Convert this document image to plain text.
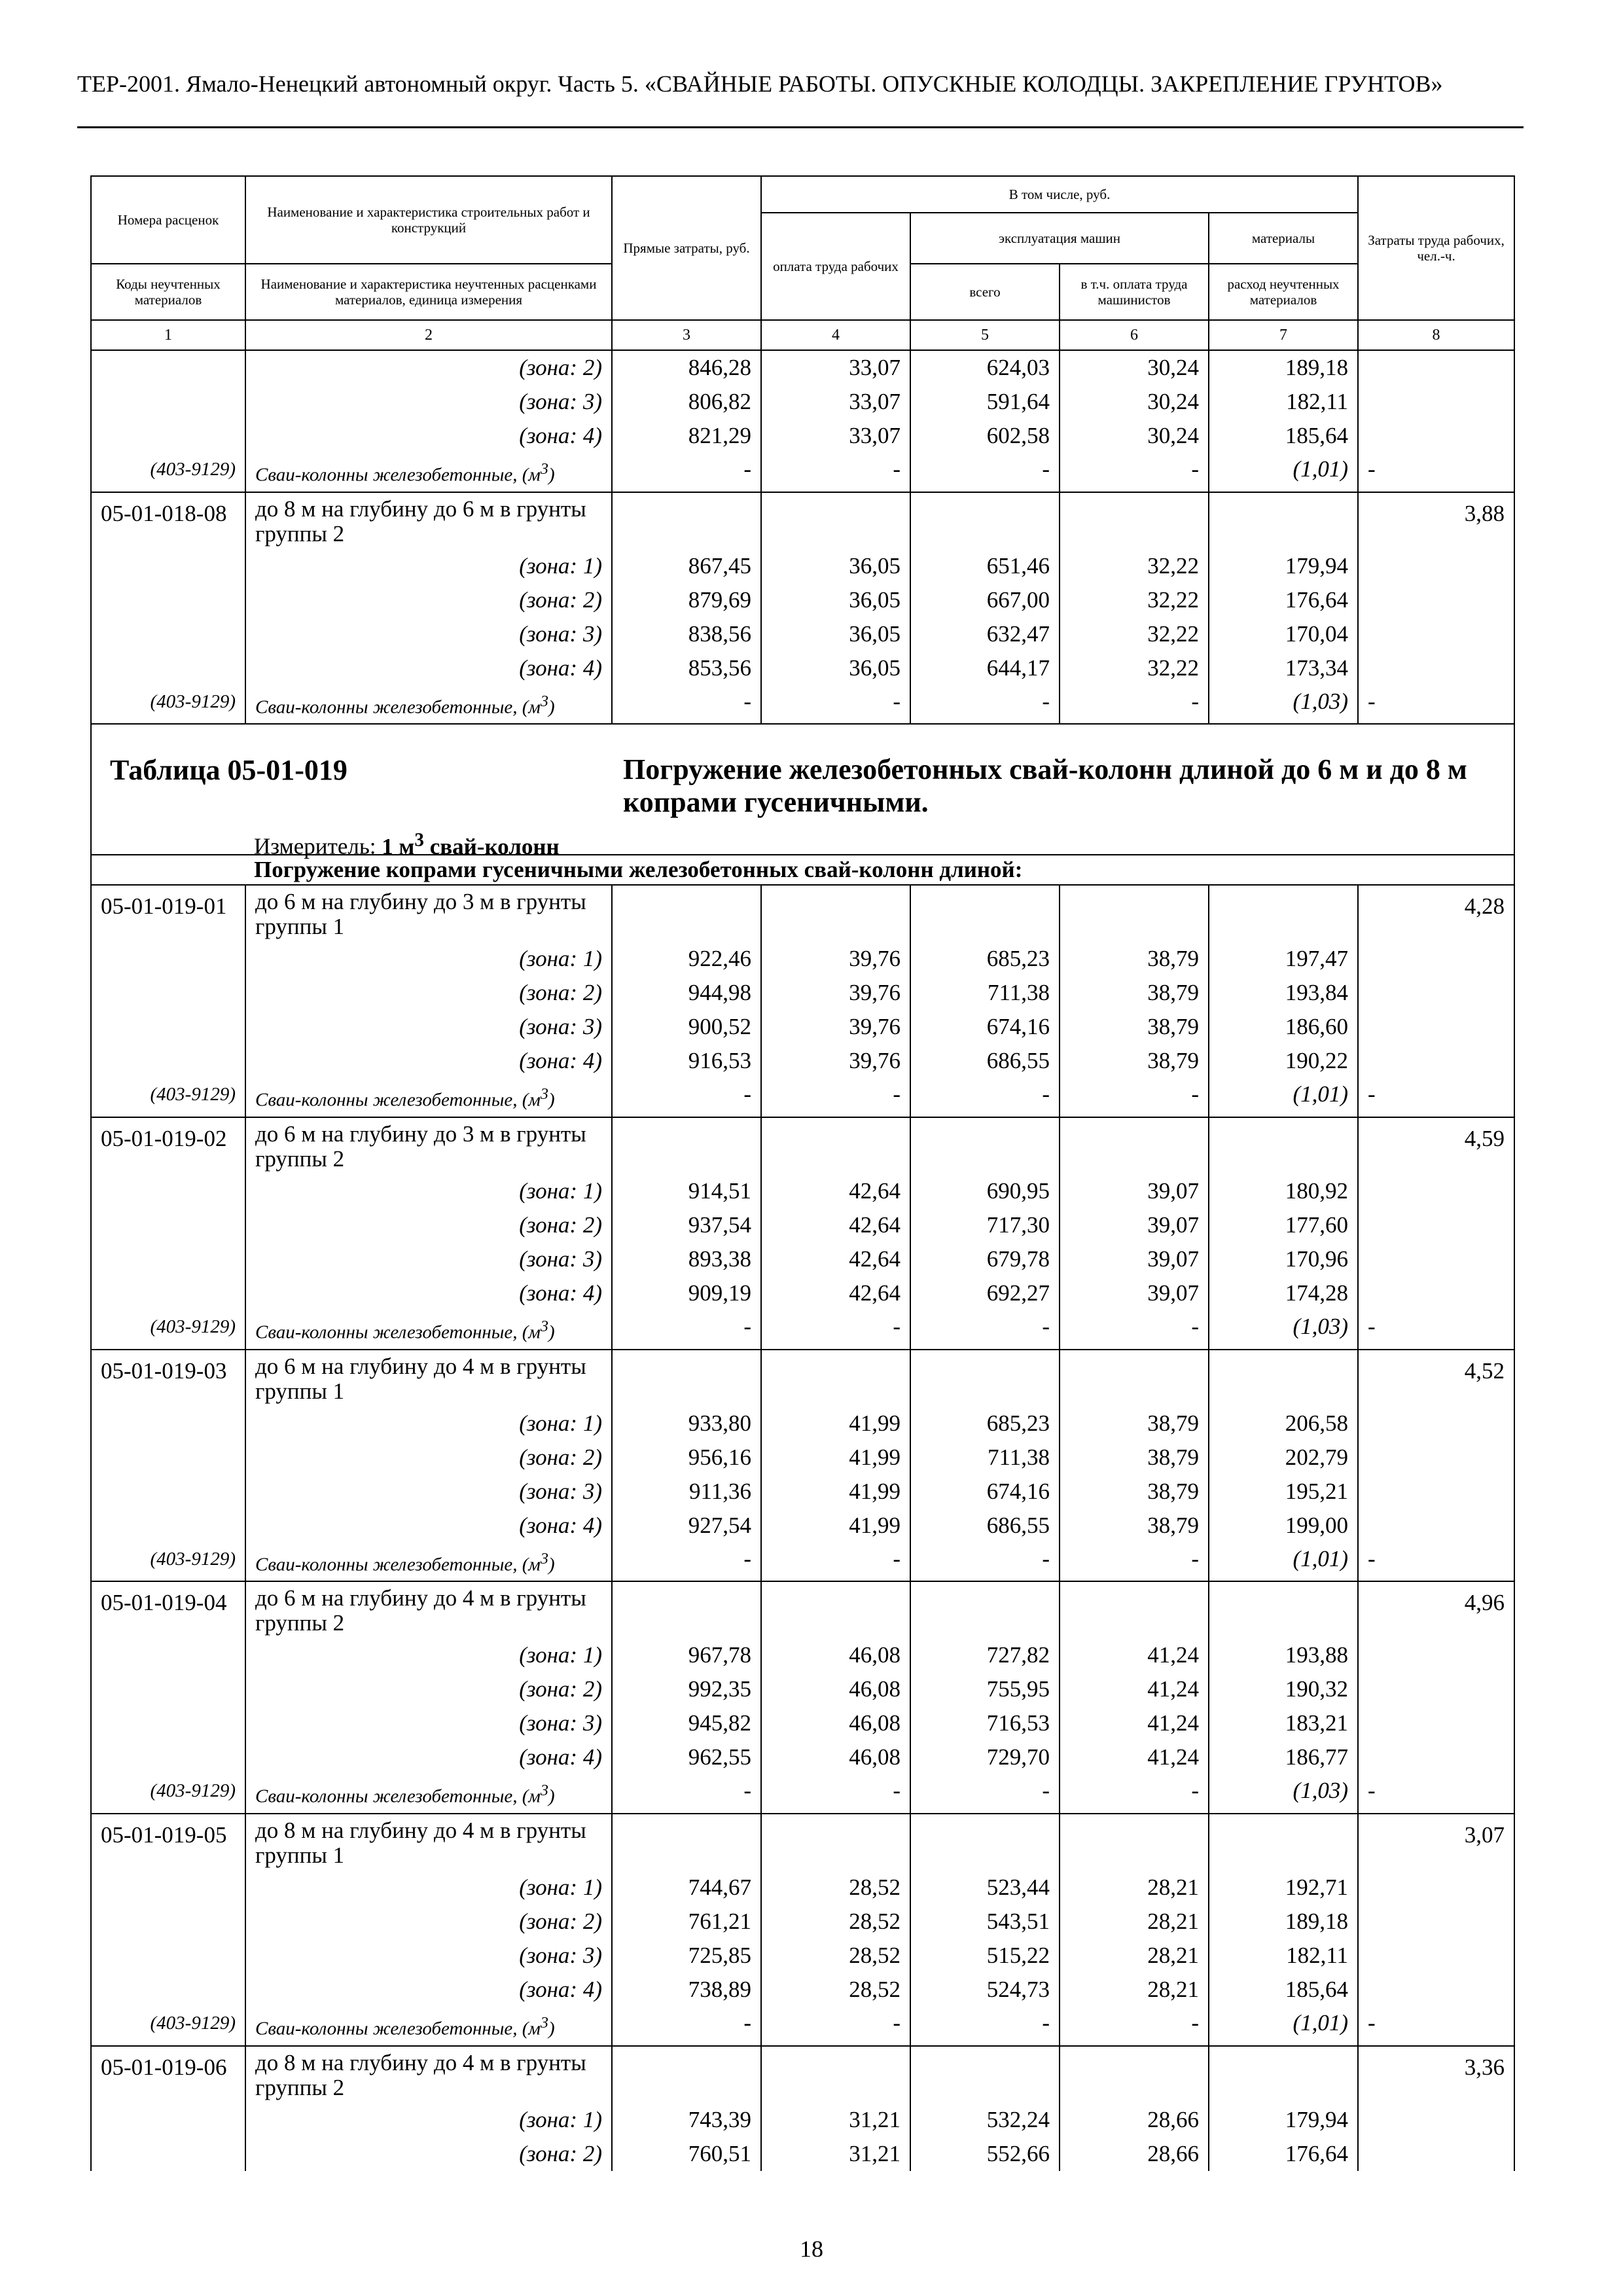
ТЕР-2001. Ямало-Ненецкий автономный округ. Часть 5. «СВАЙНЫЕ РАБОТЫ. ОПУСКНЫЕ КОЛОДЦЫ. ЗАКРЕПЛЕНИЕ ГРУНТОВ»
Номера расценок	Наименование и характеристика строительных работ и конструкций	Прямые затраты, руб.	В том числе, руб.				Затраты труда рабочих, чел.-ч.
			оплата труда рабочих	эксплуатация машин		материалы	
Коды неучтенных материалов	Наименование и характеристика неучтенных расценками материалов, единица измерения			всего	в т.ч. оплата труда машинистов	расход неучтенных материалов	
1	2	3	4	5	6	7	8
	(зона: 2)	846,28	33,07	624,03	30,24	189,18	
	(зона: 3)	806,82	33,07	591,64	30,24	182,11	
	(зона: 4)	821,29	33,07	602,58	30,24	185,64	
(403-9129)	Сваи-колонны железобетонные, $(м^3)$	-	-	-	-	(1,01)	-
05-01-018-08	до 8 м на глубину до 6 м в грунты группы 2						3,88
	(зона: 1)	867,45	36,05	651,46	32,22	179,94	
	(зона: 2)	879,69	36,05	667,00	32,22	176,64	
	(зона: 3)	838,56	36,05	632,47	32,22	170,04	
	(зона: 4)	853,56	36,05	644,17	32,22	173,34	
(403-9129)	Сваи-колонны железобетонные, $(м^3)$	-	-	-	-	(1,03)	-

Таблица 05-01-019 Погружение железобетонных свай-колонн длиной до 6 м и до 8 м копрами гусеничными.
Измеритель: 1 $м^3$ свай-колонн							

Погружение копрами гусеничными железобетонных свай-колонн длиной:							
05-01-019-01	до 6 м на глубину до 3 м в грунты группы 1						4,28
	(зона: 1)	922,46	39,76	685,23	38,79	197,47	
	(зона: 2)	944,98	39,76	711,38	38,79	193,84	
	(зона: 3)	900,52	39,76	674,16	38,79	186,60	
	(зона: 4)	916,53	39,76	686,55	38,79	190,22	
(403-9129)	Сваи-колонны железобетонные, $(м^3)$	-	-	-	-	(1,01)	-
05-01-019-02	до 6 м на глубину до 3 м в грунты группы 2						4,59
	(зона: 1)	914,51	42,64	690,95	39,07	180,92	
	(зона: 2)	937,54	42,64	717,30	39,07	177,60	
	(зона: 3)	893,38	42,64	679,78	39,07	170,96	
	(зона: 4)	909,19	42,64	692,27	39,07	174,28	
(403-9129)	Сваи-колонны железобетонные, $(м^3)$	-	-	-	-	(1,03)	-
05-01-019-03	до 6 м на глубину до 4 м в грунты группы 1						4,52
	(зона: 1)	933,80	41,99	685,23	38,79	206,58	
	(зона: 2)	956,16	41,99	711,38	38,79	202,79	
	(зона: 3)	911,36	41,99	674,16	38,79	195,21	
	(зона: 4)	927,54	41,99	686,55	38,79	199,00	
(403-9129)	Сваи-колонны железобетонные, $(м^3)$	-	-	-	-	(1,01)	-
05-01-019-04	до 6 м на глубину до 4 м в грунты группы 2						4,96
	(зона: 1)	967,78	46,08	727,82	41,24	193,88	
	(зона: 2)	992,35	46,08	755,95	41,24	190,32	
	(зона: 3)	945,82	46,08	716,53	41,24	183,21	
	(зона: 4)	962,55	46,08	729,70	41,24	186,77	
(403-9129)	Сваи-колонны железобетонные, $(м^3)$	-	-	-	-	(1,03)	-
05-01-019-05	до 8 м на глубину до 4 м в грунты группы 1						3,07
	(зона: 1)	744,67	28,52	523,44	28,21	192,71	
	(зона: 2)	761,21	28,52	543,51	28,21	189,18	
	(зона: 3)	725,85	28,52	515,22	28,21	182,11	
	(зона: 4)	738,89	28,52	524,73	28,21	185,64	
(403-9129)	Сваи-колонны железобетонные, $(м^3)$	-	-	-	-	(1,01)	-
05-01-019-06	до 8 м на глубину до 4 м в грунты группы 2						3,36
	(зона: 1)	743,39	31,21	532,24	28,66	179,94	
	(зона: 2)	760,51	31,21	552,66	28,66	176,64	
18
